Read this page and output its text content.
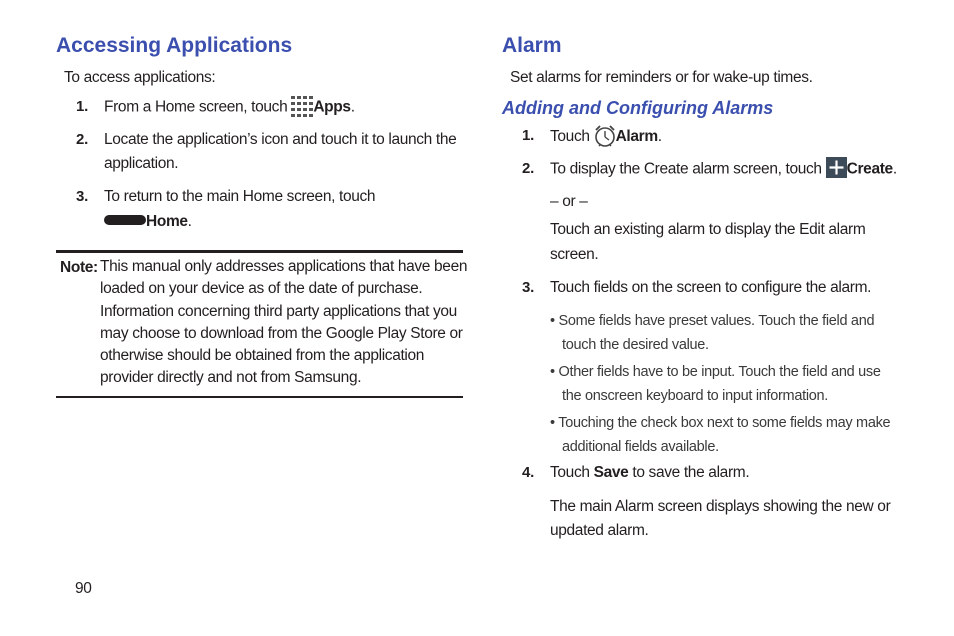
Accessing Applications
To access applications:
1. From a Home screen, touch Apps.
2. Locate the application’s icon and touch it to launch the
application.
3. To return to the main Home screen, touch
Home.
Note: This manual only addresses applications that have been
loaded on your device as of the date of purchase.
Information concerning third party applications that you
may choose to download from the Google Play Store or
otherwise should be obtained from the application
provider directly and not from Samsung.
90
Alarm
Set alarms for reminders or for wake-up times.
Adding and Configuring Alarms
1. Touch Alarm.
2. To display the Create alarm screen, touch Create.
– or –
Touch an existing alarm to display the Edit alarm
screen.
3. Touch fields on the screen to configure the alarm.
• Some fields have preset values. Touch the field and
touch the desired value.
• Other fields have to be input. Touch the field and use
the onscreen keyboard to input information.
• Touching the check box next to some fields may make
additional fields available.
4. Touch Save to save the alarm.
The main Alarm screen displays showing the new or
updated alarm.
